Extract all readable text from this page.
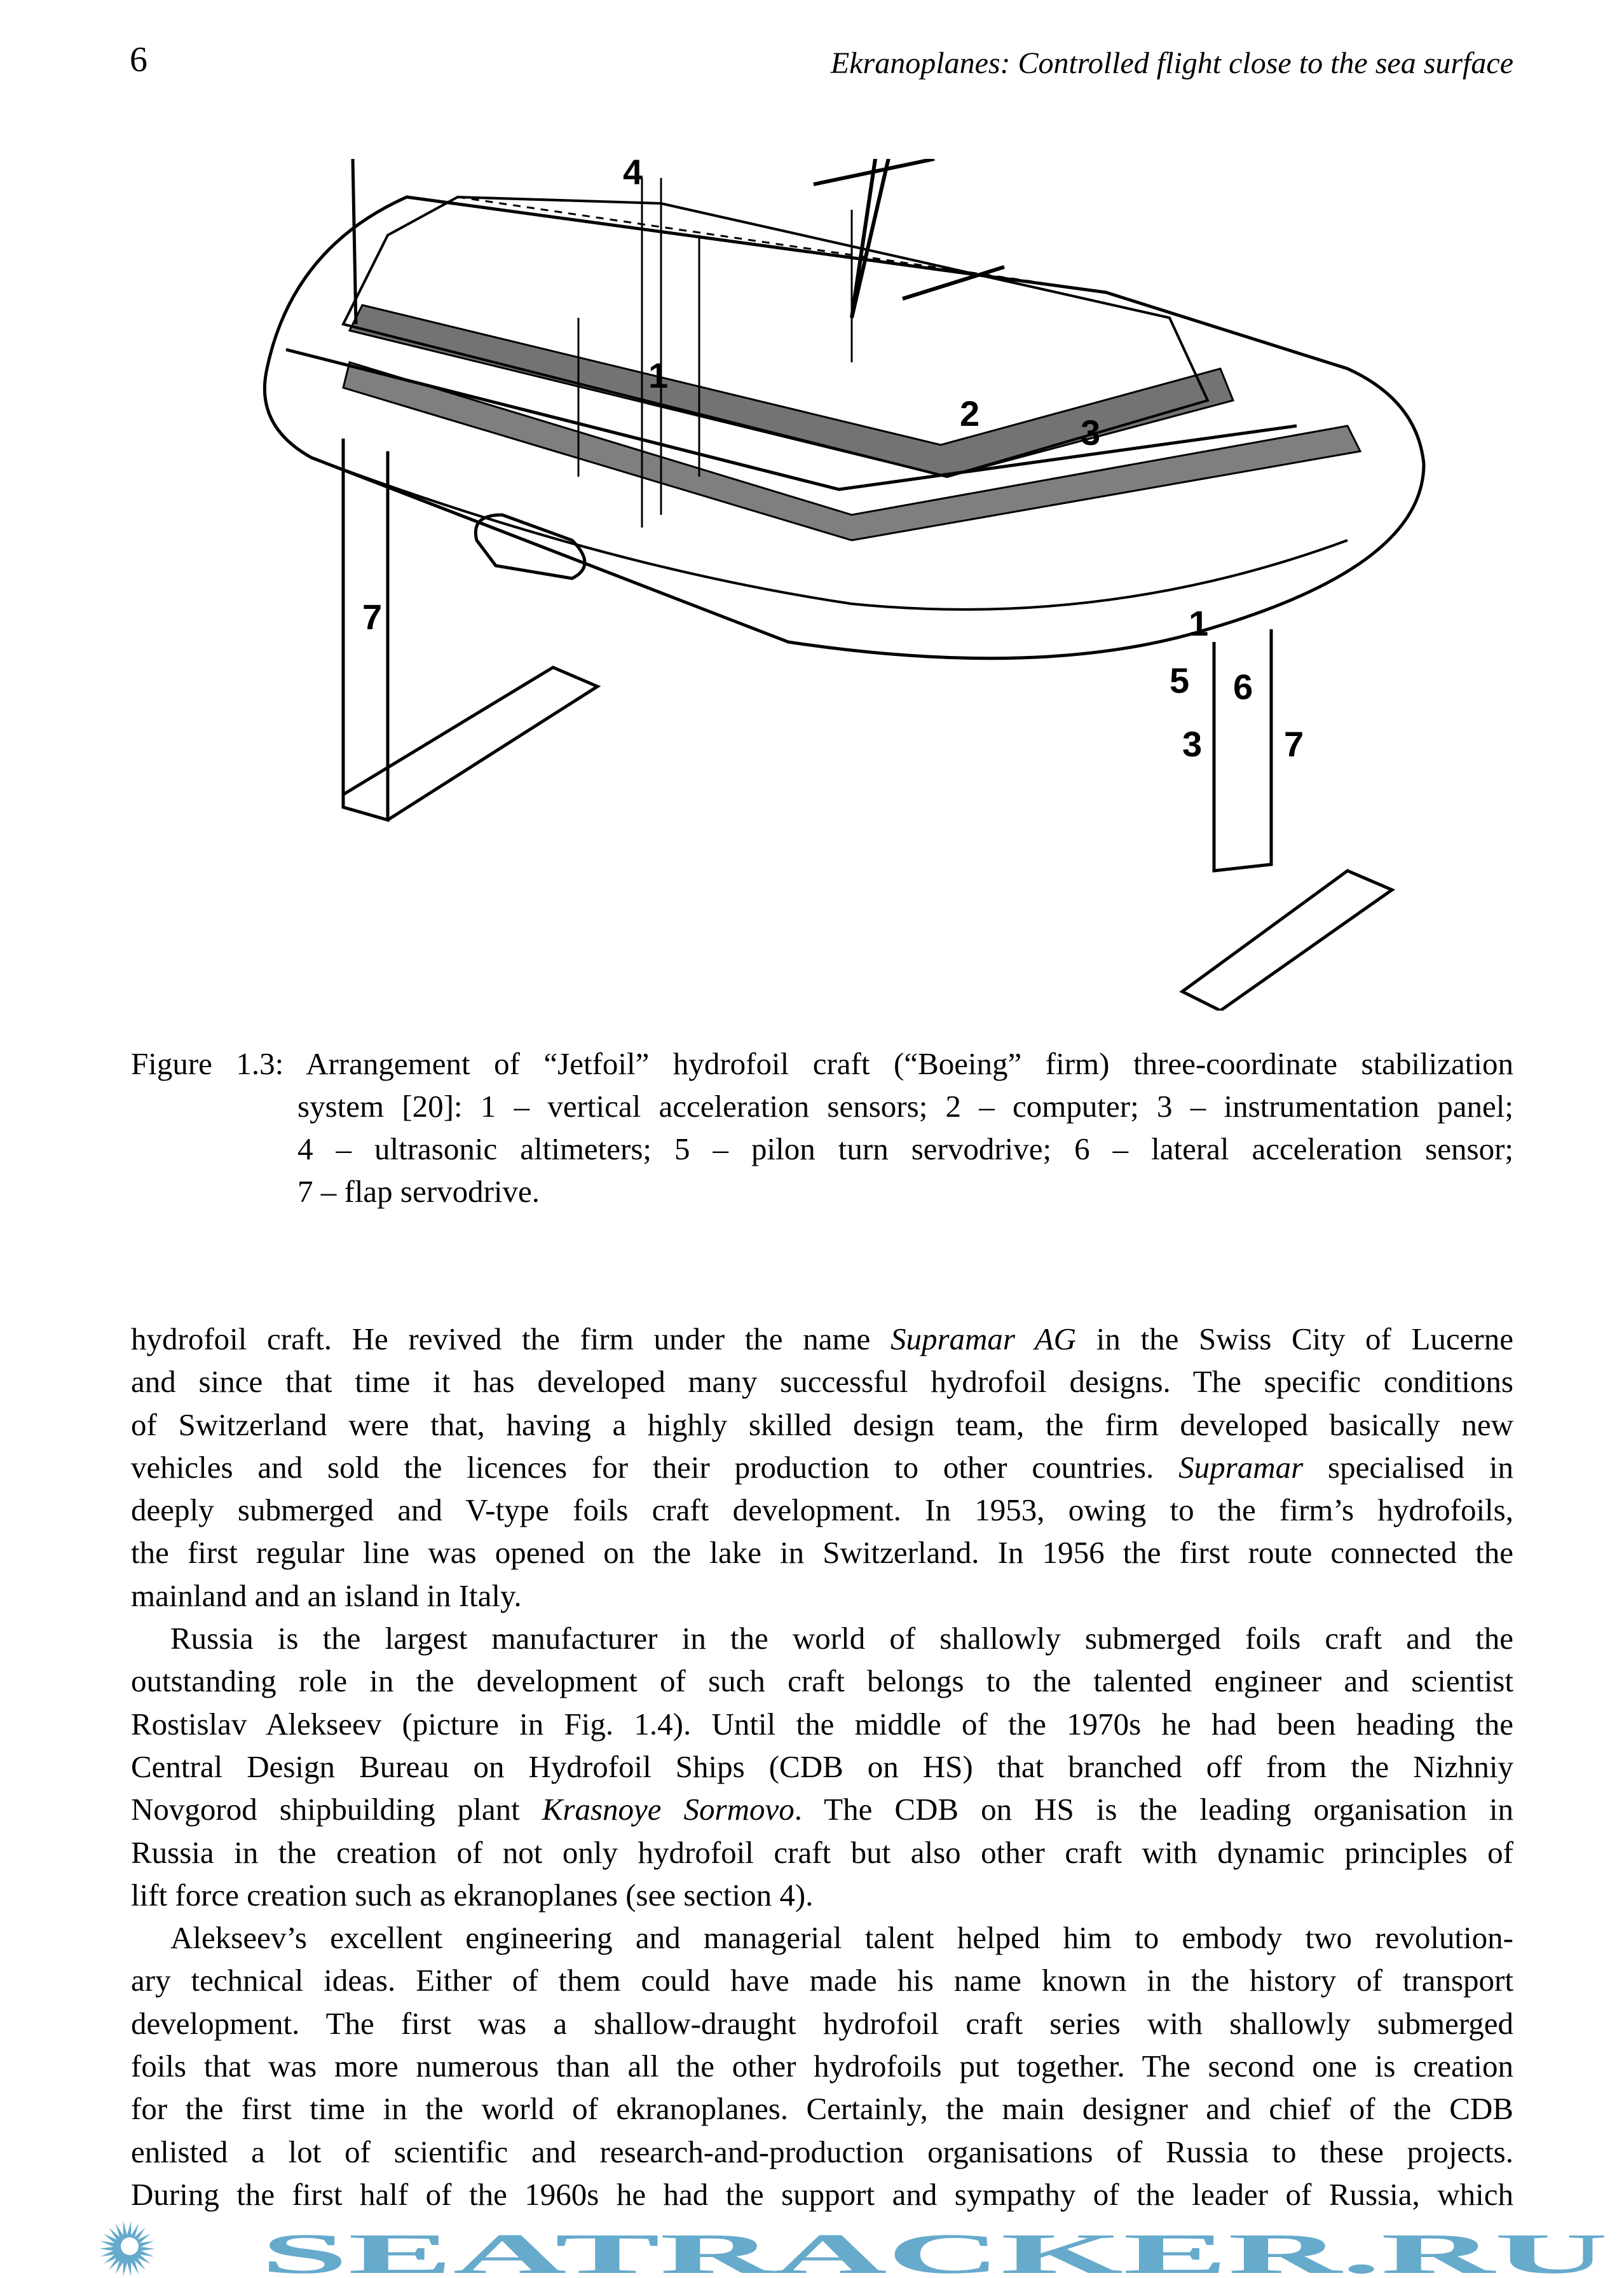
6	Ekranoplanes: Controlled flight close to the sea surface
1
4
2	3
7	1
5 6
3 7
Figure 1.3: Arrangement of “Jetfoil” hydrofoil craft (“Boeing” firm) three-coordinate stabilization
system [20]: 1 – vertical acceleration sensors; 2 – computer; 3 – instrumentation panel;
4 – ultrasonic altimeters; 5 – pilon turn servodrive; 6 – lateral acceleration sensor;
7 – flap servodrive.
hydrofoil craft. He revived the firm under the name Supramar AG in the Swiss City of Lucerne
and since that time it has developed many successful hydrofoil designs. The specific conditions
of Switzerland were that, having a highly skilled design team, the firm developed basically new
vehicles and sold the licences for their production to other countries. Supramar specialised in
deeply submerged and V-type foils craft development. In 1953, owing to the firm’s hydrofoils,
the first regular line was opened on the lake in Switzerland. In 1956 the first route connected the
mainland and an island in Italy.
Russia is the largest manufacturer in the world of shallowly submerged foils craft and the
outstanding role in the development of such craft belongs to the talented engineer and scientist
Rostislav Alekseev (picture in Fig. 1.4). Until the middle of the 1970s he had been heading the
Central Design Bureau on Hydrofoil Ships (CDB on HS) that branched off from the Nizhniy
Novgorod shipbuilding plant Krasnoye Sormovo. The CDB on HS is the leading organisation in
Russia in the creation of not only hydrofoil craft but also other craft with dynamic principles of
lift force creation such as ekranoplanes (see section 4).
Alekseev’s excellent engineering and managerial talent helped him to embody two revolution-
ary technical ideas. Either of them could have made his name known in the history of transport
development. The first was a shallow-draught hydrofoil craft series with shallowly submerged
foils that was more numerous than all the other hydrofoils put together. The second one is creation
for the first time in the world of ekranoplanes. Certainly, the main designer and chief of the CDB
enlisted a lot of scientific and research-and-production organisations of Russia to these projects.
During the first half of the 1960s he had the support and sympathy of the leader of Russia, which
SEATRACKER.RU
